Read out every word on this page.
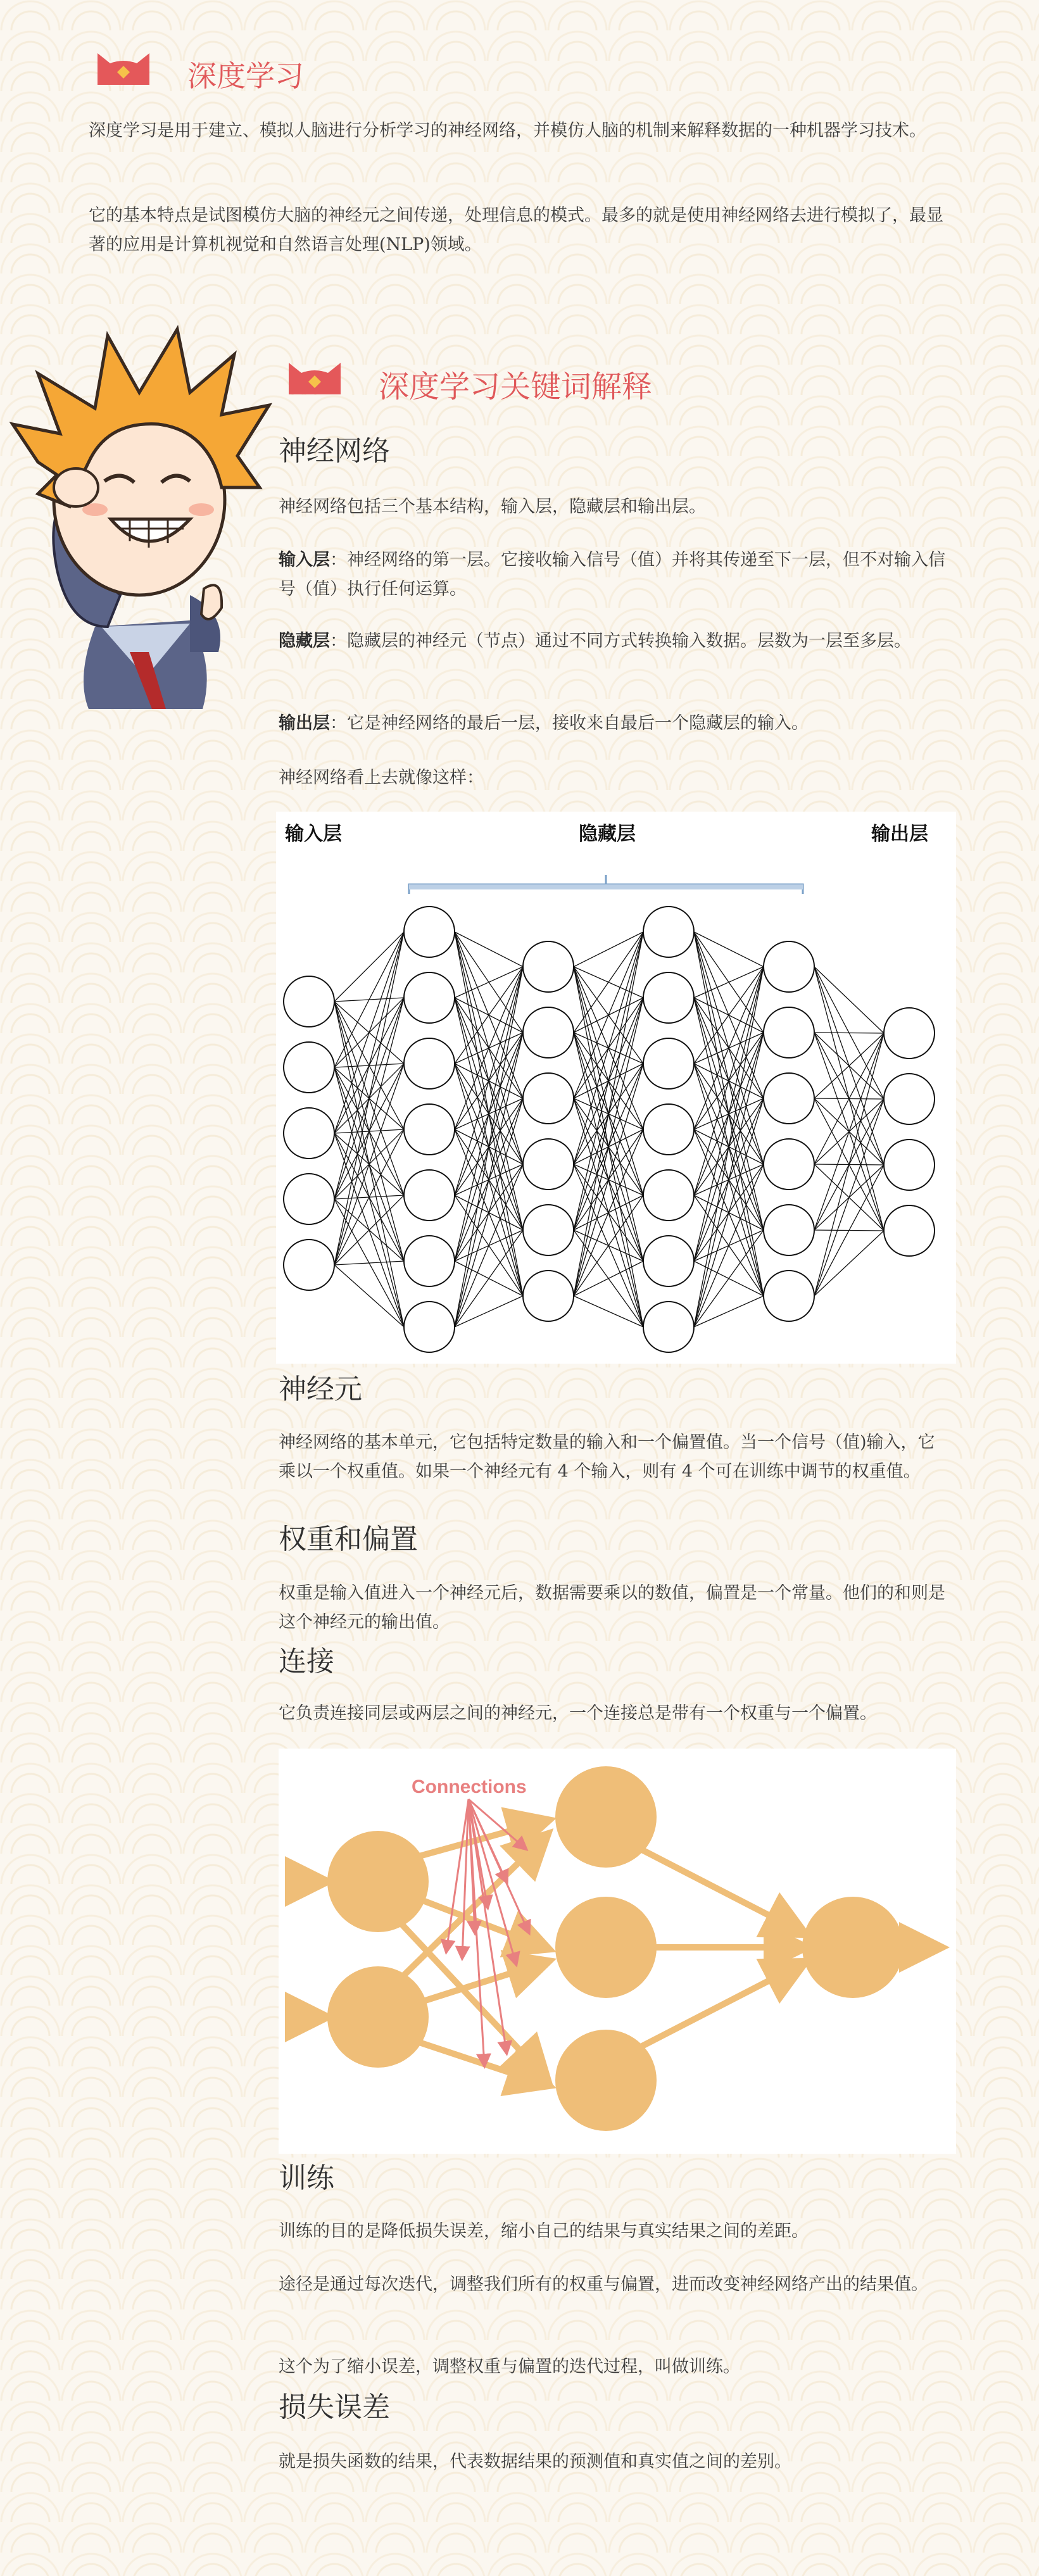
深度学习
深度学习是用于建立、模拟人脑进行分析学习的神经网络，并模仿人脑的机制来解释数据的一种机器学习技术。
它的基本特点是试图模仿大脑的神经元之间传递，处理信息的模式。最多的就是使用神经网络去进行模拟了，最显著的应用是计算机视觉和自然语言处理(NLP)领域。
深度学习关键词解释
神经网络
神经网络包括三个基本结构，输入层，隐藏层和输出层。
输入层：神经网络的第一层。它接收输入信号（值）并将其传递至下一层，但不对输入信号（值）执行任何运算。
隐藏层：隐藏层的神经元（节点）通过不同方式转换输入数据。层数为一层至多层。
输出层：它是神经网络的最后一层，接收来自最后一个隐藏层的输入。
神经网络看上去就像这样：
输入层	隐藏层	输出层
神经元
神经网络的基本单元，它包括特定数量的输入和一个偏置值。当一个信号（值)输入，它乘以一个权重值。如果一个神经元有 4 个输入，则有 4 个可在训练中调节的权重值。
权重和偏置
权重是输入值进入一个神经元后，数据需要乘以的数值，偏置是一个常量。他们的和则是这个神经元的输出值。
连接
它负责连接同层或两层之间的神经元，一个连接总是带有一个权重与一个偏置。
Connections
训练
训练的目的是降低损失误差，缩小自己的结果与真实结果之间的差距。
途径是通过每次迭代，调整我们所有的权重与偏置，进而改变神经网络产出的结果值。
这个为了缩小误差，调整权重与偏置的迭代过程，叫做训练。
损失误差
就是损失函数的结果，代表数据结果的预测值和真实值之间的差别。
